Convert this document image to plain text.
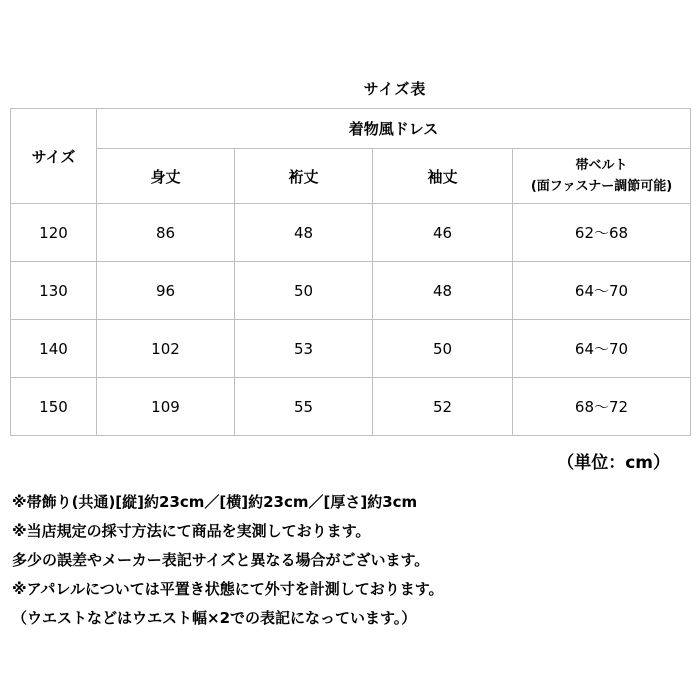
サイズ表
サイズ	着物風ドレス			
	身丈	裄丈	袖丈	帯ベルト
(面ファスナー調節可能)

120	86	48	46	62〜68
130	96	50	48	64〜70
140	102	53	50	64〜70
150	109	55	52	68〜72
（単位：cm）
※帯飾り(共通)[縦]約23cm／[横]約23cm／[厚さ]約3cm
※当店規定の採寸方法にて商品を実測しております。
多少の誤差やメーカー表記サイズと異なる場合がございます。
※アパレルについては平置き状態にて外寸を計測しております。
（ウエストなどはウエスト幅×2での表記になっています。）
